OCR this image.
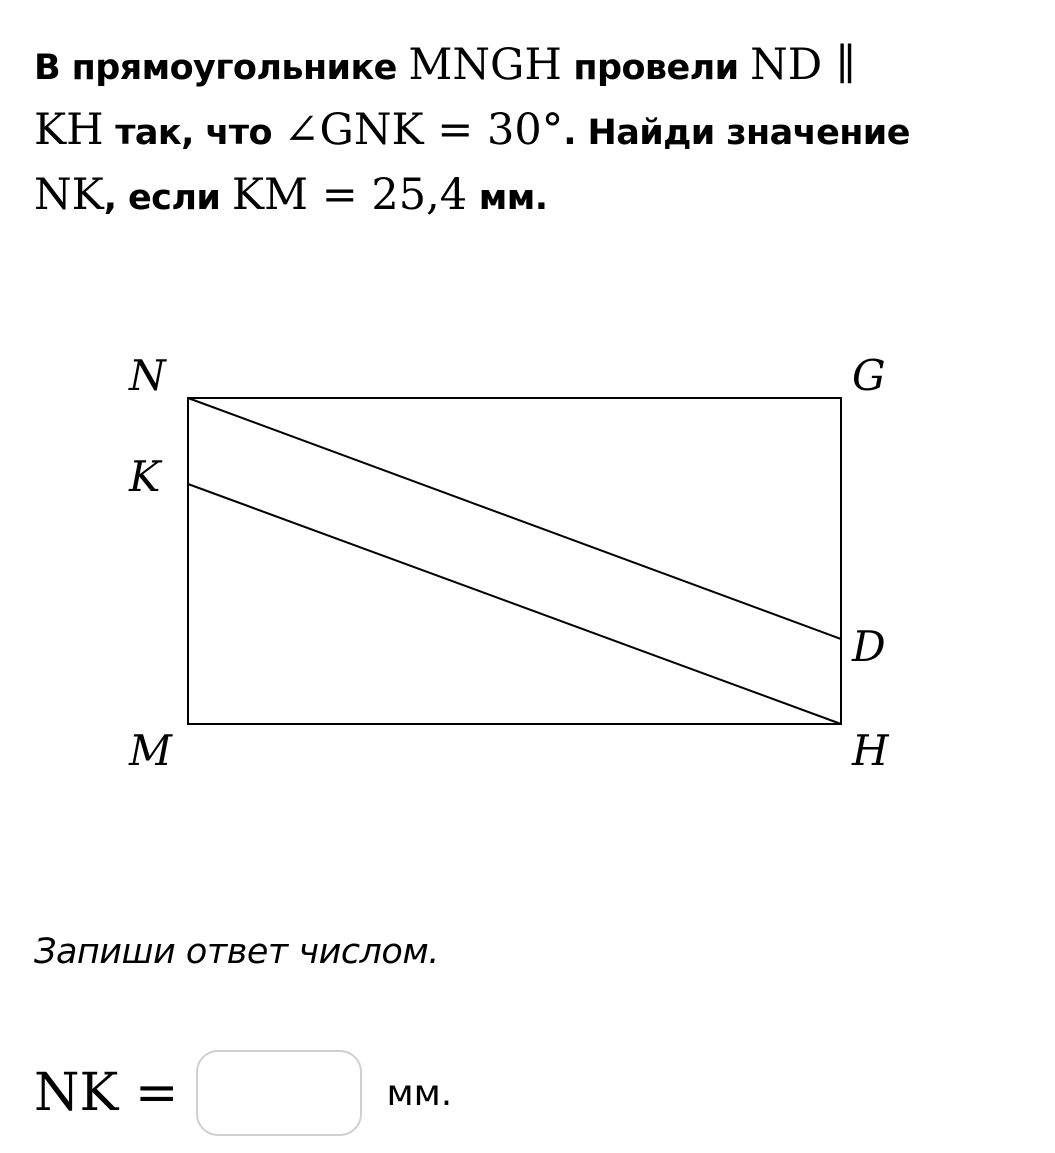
В прямоугольнике MNGH провели ND ∥
KH так, что ∠GNK = 30°. Найди значение
NK, если KM = 25,4 мм.
N	G
K
D
M	H
Запиши ответ числом.
NK =	мм.
